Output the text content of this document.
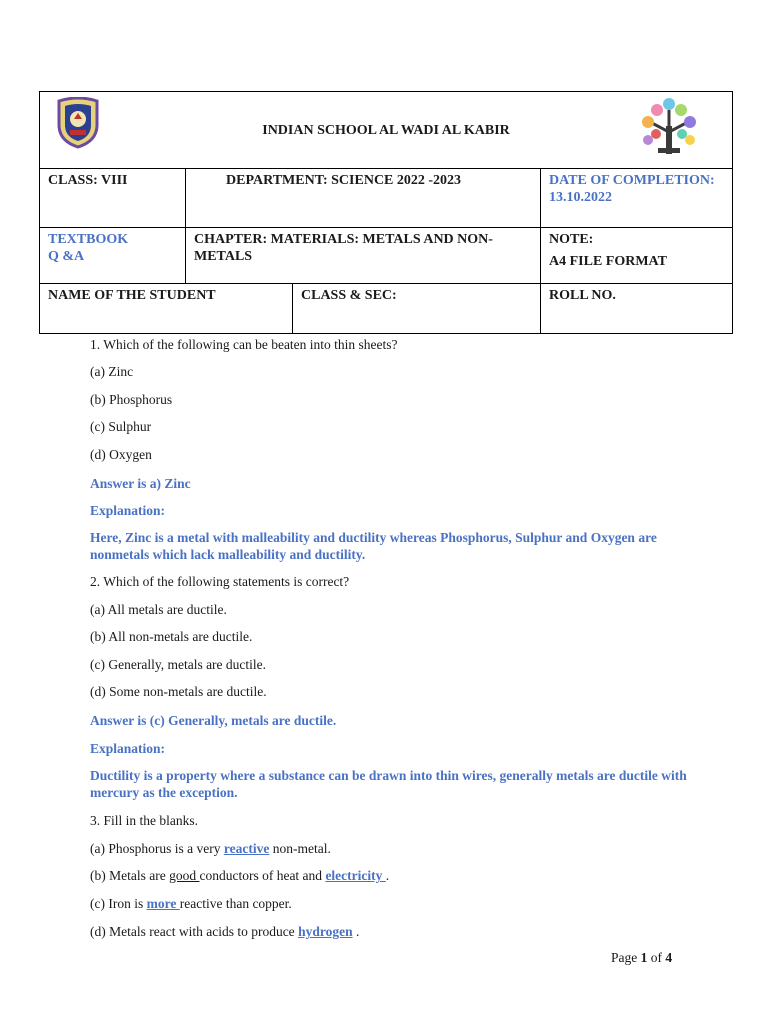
INDIAN SCHOOL AL WADI AL KABIR			
CLASS: VIII	DEPARTMENT: SCIENCE 2022 -2023		DATE OF COMPLETION:
13.10.2022

TEXTBOOK Q &A	CHAPTER: MATERIALS: METALS AND NON-METALS		NOTE:
A4 FILE FORMAT

NAME OF THE STUDENT		CLASS & SEC:	ROLL NO.
1. Which of the following can be beaten into thin sheets?
(a) Zinc
(b) Phosphorus
(c) Sulphur
(d) Oxygen
Answer is a) Zinc
Explanation:
Here, Zinc is a metal with malleability and ductility whereas Phosphorus, Sulphur and Oxygen are nonmetals which lack malleability and ductility.
2. Which of the following statements is correct?
(a) All metals are ductile.
(b) All non-metals are ductile.
(c) Generally, metals are ductile.
(d) Some non-metals are ductile.
Answer is (c) Generally, metals are ductile.
Explanation:
Ductility is a property where a substance can be drawn into thin wires, generally metals are ductile with mercury as the exception.
3. Fill in the blanks.
(a) Phosphorus is a very reactive non-metal.
(b) Metals are good conductors of heat and electricity .
(c) Iron is more reactive than copper.
(d) Metals react with acids to produce hydrogen .
Page 1 of 4
